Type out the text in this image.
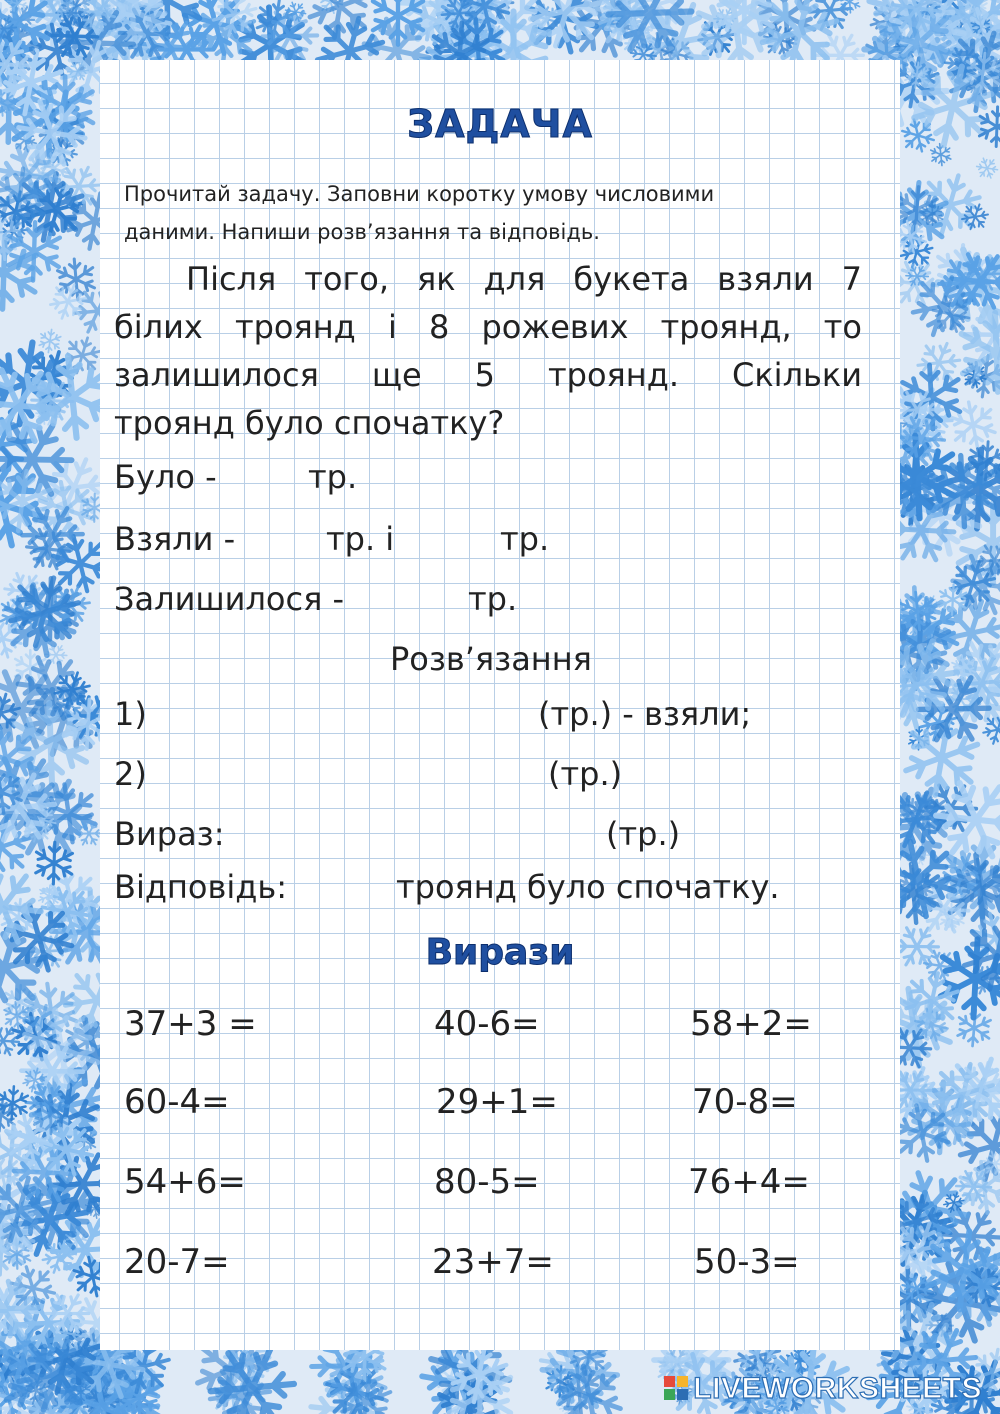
ЗАДАЧА
Прочитай задачу. Заповни коротку умову числовими
даними. Напиши розв’язання та відповідь.
Після того, як для букета взяли 7
білих троянд і 8 рожевих троянд, то
залишилося ще 5 троянд. Скільки
троянд було спочатку?
Було -	тр.
Взяли -	тр. і	тр.
Залишилося -	тр.
Розв’язання
1)	(тр.) - взяли;
2)	(тр.)
Вираз:	(тр.)
Відповідь:	троянд було спочатку.
Вирази
37+3 =	40-6=	58+2=
60-4=	29+1=	70-8=
54+6=	80-5=	76+4=
20-7=	23+7=	50-3=
LIVEWORKSHEETS
